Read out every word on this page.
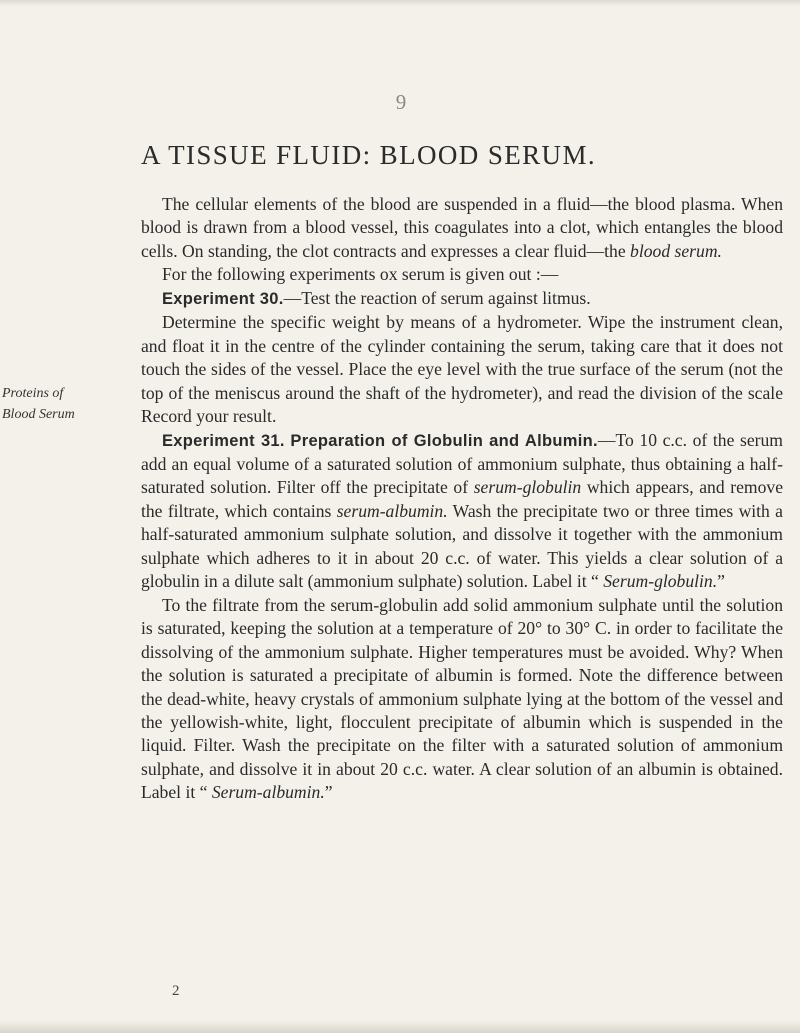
9
A TISSUE FLUID: BLOOD SERUM.
Proteins of
Blood Serum

The cellular elements of the blood are suspended in a fluid—the blood plasma. When blood is drawn from a blood vessel, this coagulates into a clot, which entangles the blood cells. On standing, the clot contracts and expresses a clear fluid—the blood serum.

For the following experiments ox serum is given out :—

Experiment 30.—Test the reaction of serum against litmus.

Determine the specific weight by means of a hydrometer. Wipe the instrument clean, and float it in the centre of the cylinder containing the serum, taking care that it does not touch the sides of the vessel. Place the eye level with the true surface of the serum (not the top of the meniscus around the shaft of the hydrometer), and read the division of the scale Record your result.

Experiment 31. Preparation of Globulin and Albumin.—To 10 c.c. of the serum add an equal volume of a saturated solution of ammonium sulphate, thus obtaining a half-saturated solution. Filter off the precipitate of serum-globulin which appears, and remove the filtrate, which contains serum-albumin. Wash the precipitate two or three times with a half-saturated ammonium sulphate solution, and dissolve it together with the ammonium sulphate which adheres to it in about 20 c.c. of water. This yields a clear solution of a globulin in a dilute salt (ammonium sulphate) solution. Label it “ Serum-globulin.”

To the filtrate from the serum-globulin add solid ammonium sulphate until the solution is saturated, keeping the solution at a temperature of 20° to 30° C. in order to facilitate the dissolving of the ammonium sulphate. Higher temperatures must be avoided. Why? When the solution is saturated a precipitate of albumin is formed. Note the difference between the dead-white, heavy crystals of ammonium sulphate lying at the bottom of the vessel and the yellowish-white, light, flocculent precipitate of albumin which is suspended in the liquid. Filter. Wash the precipitate on the filter with a saturated solution of ammonium sulphate, and dissolve it in about 20 c.c. water. A clear solution of an albumin is obtained. Label it “ Serum-albumin.”

2
